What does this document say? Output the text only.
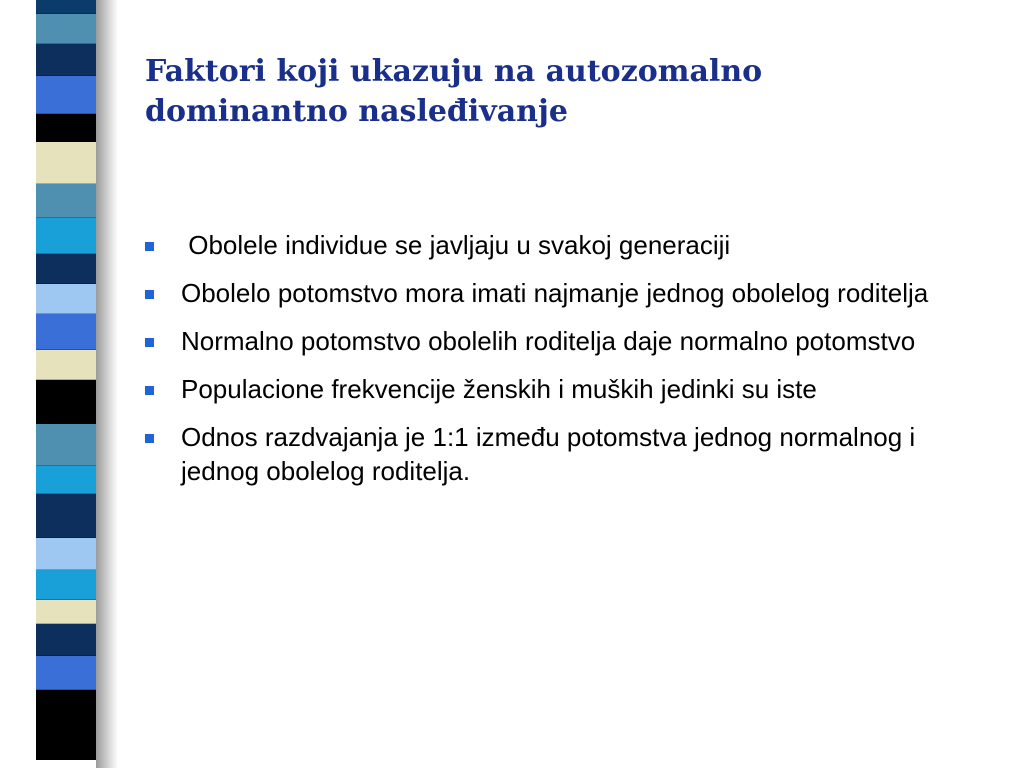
Faktori koji ukazuju na autozomalno
dominantno nasleđivanje
Obolele individue se javljaju u svakoj generaciji
Obolelo potomstvo mora imati najmanje jednog obolelog roditelja
Normalno potomstvo obolelih roditelja daje normalno potomstvo
Populacione frekvencije ženskih i muških jedinki su iste
Odnos razdvajanja je 1:1 između potomstva jednog normalnog i jednog obolelog roditelja.
